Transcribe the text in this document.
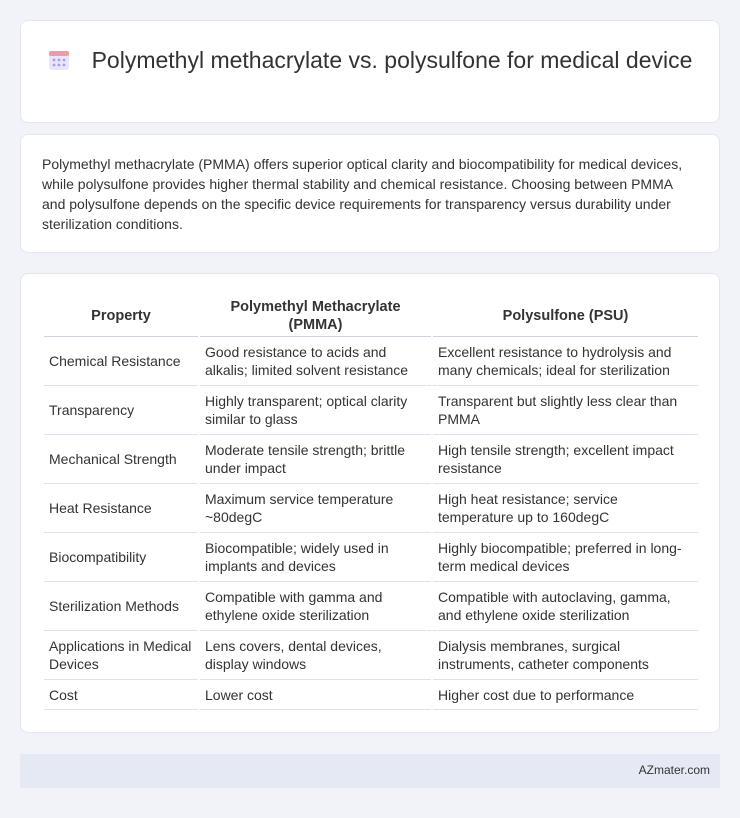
Polymethyl methacrylate vs. polysulfone for medical device

Polymethyl methacrylate (PMMA) offers superior optical clarity and biocompatibility for medical devices, while polysulfone provides higher thermal stability and chemical resistance. Choosing between PMMA and polysulfone depends on the specific device requirements for transparency versus durability under sterilization conditions.

Property	Polymethyl Methacrylate (PMMA)	Polysulfone (PSU)
Chemical Resistance	Good resistance to acids and alkalis; limited solvent resistance	Excellent resistance to hydrolysis and many chemicals; ideal for sterilization
Transparency	Highly transparent; optical clarity similar to glass	Transparent but slightly less clear than PMMA
Mechanical Strength	Moderate tensile strength; brittle under impact	High tensile strength; excellent impact resistance
Heat Resistance	Maximum service temperature ~80degC	High heat resistance; service temperature up to 160degC
Biocompatibility	Biocompatible; widely used in implants and devices	Highly biocompatible; preferred in long-term medical devices
Sterilization Methods	Compatible with gamma and ethylene oxide sterilization	Compatible with autoclaving, gamma, and ethylene oxide sterilization
Applications in Medical Devices	Lens covers, dental devices, display windows	Dialysis membranes, surgical instruments, catheter components
Cost	Lower cost	Higher cost due to performance
AZmater.com
